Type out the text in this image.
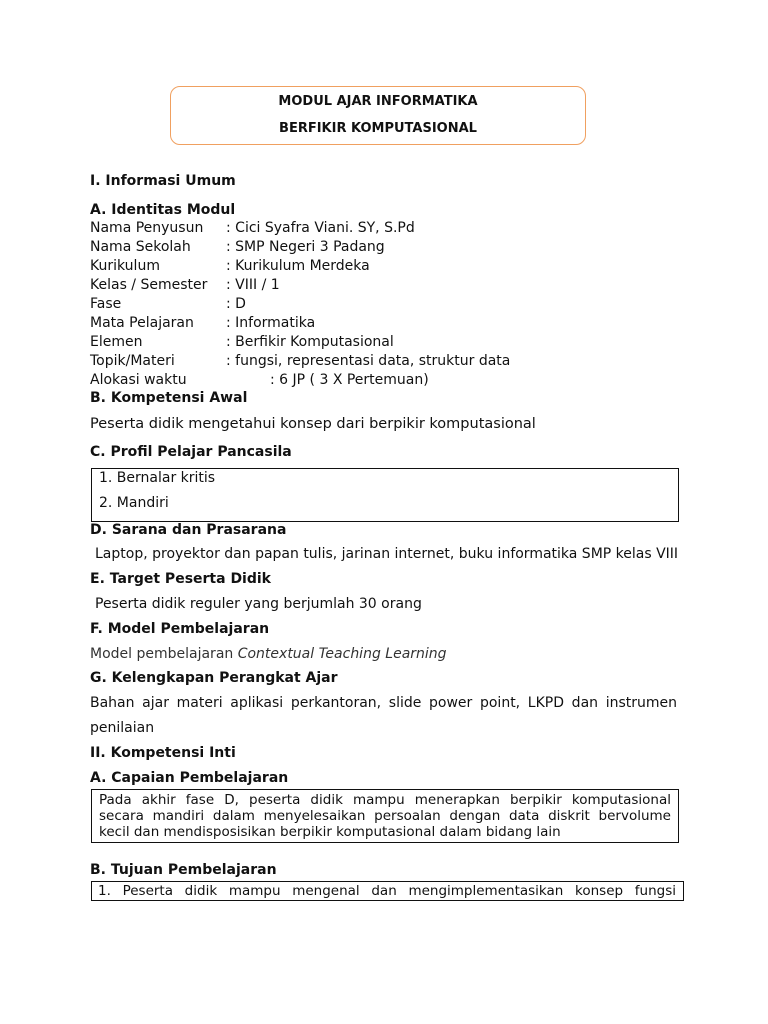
MODUL AJAR INFORMATIKA
BERFIKIR KOMPUTASIONAL
I. Informasi Umum
A. Identitas Modul
Nama Penyusun : Cici Syafra Viani. SY, S.Pd
Nama Sekolah	: SMP Negeri 3 Padang
Kurikulum	: Kurikulum Merdeka
Kelas / Semester : VIII / 1
Fase	: D
Mata Pelajaran : Informatika
Elemen	: Berfikir Komputasional
Topik/Materi	: fungsi, representasi data, struktur data
Alokasi waktu	: 6 JP ( 3 X Pertemuan)
B. Kompetensi Awal
Peserta didik mengetahui konsep dari berpikir komputasional
C. Profil Pelajar Pancasila
1. Bernalar kritis
2. Mandiri
D. Sarana dan Prasarana
Laptop, proyektor dan papan tulis, jarinan internet, buku informatika SMP kelas VIII
E. Target Peserta Didik
Peserta didik reguler yang berjumlah 30 orang
F. Model Pembelajaran
Model pembelajaran Contextual Teaching Learning
G. Kelengkapan Perangkat Ajar
Bahan ajar materi aplikasi perkantoran, slide power point, LKPD dan instrumen
penilaian
II. Kompetensi Inti
A. Capaian Pembelajaran
Pada akhir fase D, peserta didik mampu menerapkan berpikir komputasional
secara mandiri dalam menyelesaikan persoalan dengan data diskrit bervolume
kecil dan mendisposisikan berpikir komputasional dalam bidang lain
B. Tujuan Pembelajaran
1. Peserta didik mampu mengenal dan mengimplementasikan konsep fungsi
